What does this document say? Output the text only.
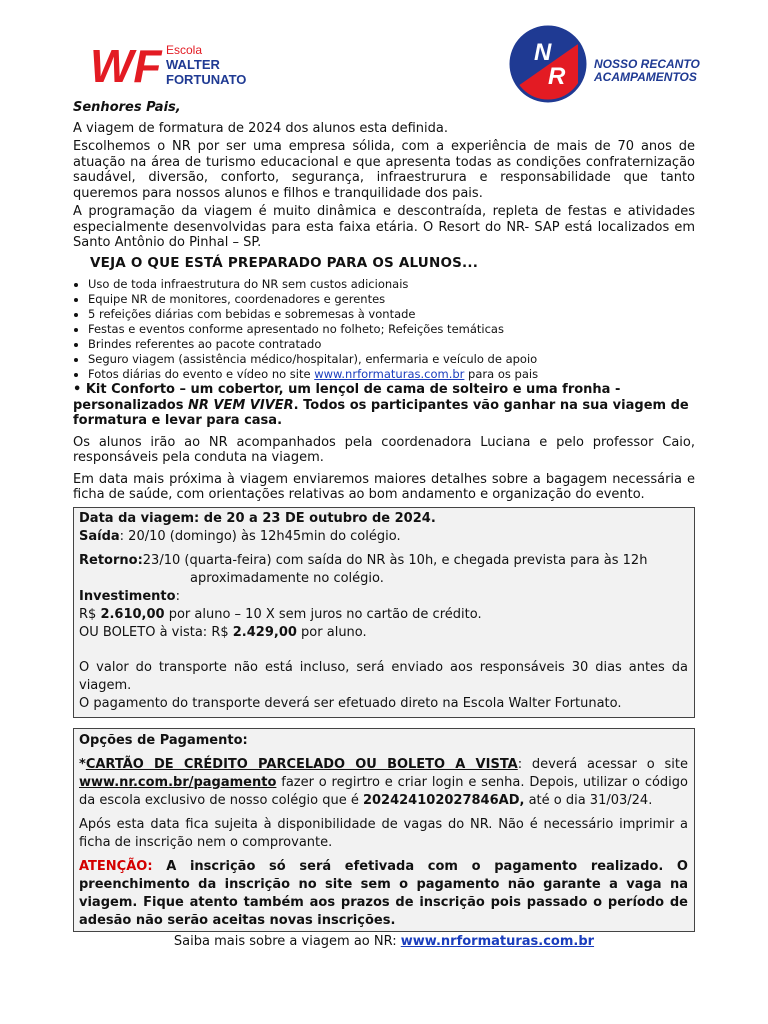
WF Escola
WALTER
FORTUNATO
N
R NOSSO RECANTO
ACAMPAMENTOS

Senhores Pais,

A viagem de formatura de 2024 dos alunos esta definida.

Escolhemos o NR por ser uma empresa sólida, com a experiência de mais de 70 anos de atuação na área de turismo educacional e que apresenta todas as condições confraternização saudável, diversão, conforto, segurança, infraestrurura e responsabilidade que tanto queremos para nossos alunos e filhos e tranquilidade dos pais.

A programação da viagem é muito dinâmica e descontraída, repleta de festas e atividades especialmente desenvolvidas para esta faixa etária. O Resort do NR- SAP está localizados em Santo Antônio do Pinhal – SP.

VEJA O QUE ESTÁ PREPARADO PARA OS ALUNOS...
• Uso de toda infraestrutura do NR sem custos adicionais
• Equipe NR de monitores, coordenadores e gerentes
• 5 refeições diárias com bebidas e sobremesas à vontade
• Festas e eventos conforme apresentado no folheto; Refeições temáticas
• Brindes referentes ao pacote contratado
• Seguro viagem (assistência médico/hospitalar), enfermaria e veículo de apoio
• Fotos diárias do evento e vídeo no site www.nrformaturas.com.br para os pais
• Kit Conforto – um cobertor, um lençol de cama de solteiro e uma fronha - personalizados NR VEM VIVER. Todos os participantes vão ganhar na sua viagem de formatura e levar para casa.

Os alunos irão ao NR acompanhados pela coordenadora Luciana e pelo professor Caio, responsáveis pela conduta na viagem.

Em data mais próxima à viagem enviaremos maiores detalhes sobre a bagagem necessária e ficha de saúde, com orientações relativas ao bom andamento e organização do evento.

Data da viagem: de 20 a 23 DE outubro de 2024.

Saída: 20/10 (domingo) às 12h45min do colégio.

Retorno:23/10 (quarta-feira) com saída do NR às 10h, e chegada prevista para às 12h

aproximadamente no colégio.

Investimento:

R$ 2.610,00 por aluno – 10 X sem juros no cartão de crédito.

OU BOLETO à vista: R$ 2.429,00 por aluno.

O valor do transporte não está incluso, será enviado aos responsáveis 30 dias antes da viagem.

O pagamento do transporte deverá ser efetuado direto na Escola Walter Fortunato.

Opções de Pagamento:

*CARTÃO DE CRÉDITO PARCELADO OU BOLETO A VISTA: deverá acessar o site www.nr.com.br/pagamento fazer o regirtro e criar login e senha. Depois, utilizar o código da escola exclusivo de nosso colégio que é 202424102027846AD, até o dia 31/03/24.

Após esta data fica sujeita à disponibilidade de vagas do NR. Não é necessário imprimir a ficha de inscrição nem o comprovante.

ATENÇÃO: A inscrição só será efetivada com o pagamento realizado. O preenchimento da inscrição no site sem o pagamento não garante a vaga na viagem. Fique atento também aos prazos de inscrição pois passado o período de adesão não serão aceitas novas inscrições.

Saiba mais sobre a viagem ao NR: www.nrformaturas.com.br
